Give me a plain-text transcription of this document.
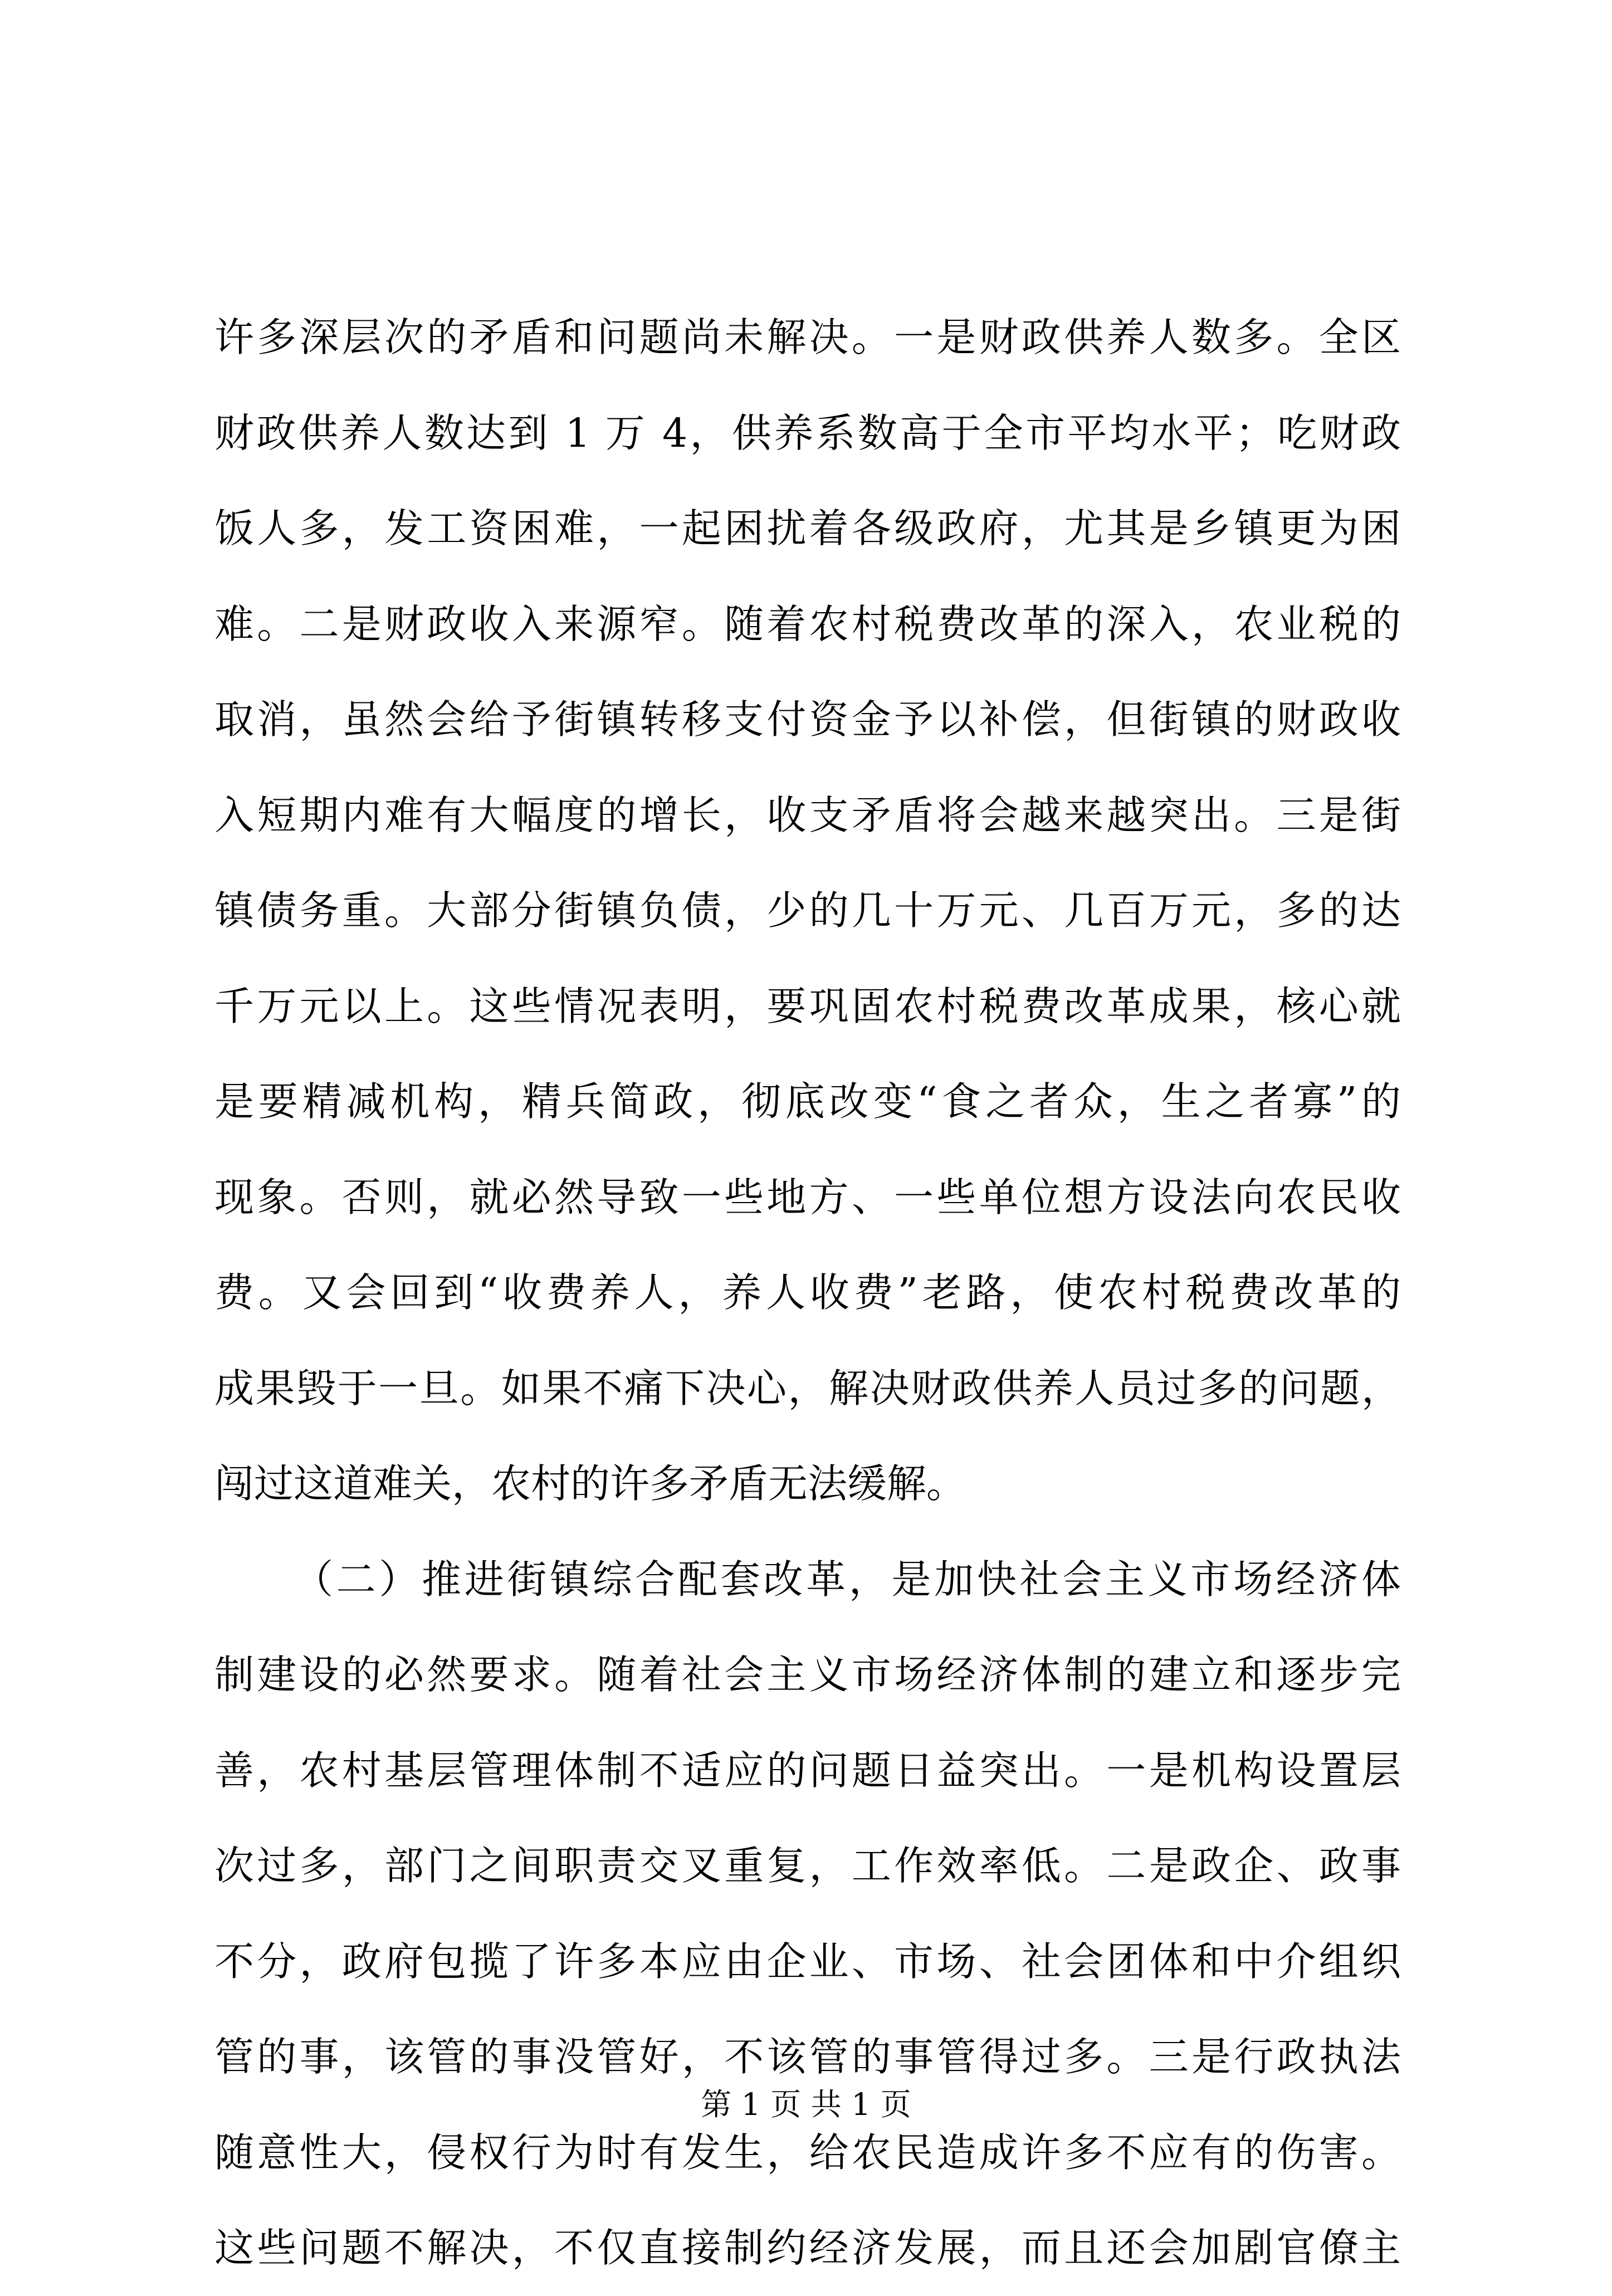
许多深层次的矛盾和问题尚未解决。一是财政供养人数多。全区
财政供养人数达到 1 万 4，供养系数高于全市平均水平；吃财政
饭人多，发工资困难，一起困扰着各级政府，尤其是乡镇更为困
难。二是财政收入来源窄。随着农村税费改革的深入，农业税的
取消，虽然会给予街镇转移支付资金予以补偿，但街镇的财政收
入短期内难有大幅度的增长，收支矛盾将会越来越突出。三是街
镇债务重。大部分街镇负债，少的几十万元、几百万元，多的达
千万元以上。这些情况表明，要巩固农村税费改革成果，核心就
是要精减机构，精兵简政，彻底改变“食之者众，生之者寡”的
现象。否则，就必然导致一些地方、一些单位想方设法向农民收
费。又会回到“收费养人，养人收费”老路，使农村税费改革的
成果毁于一旦。如果不痛下决心，解决财政供养人员过多的问题，
闯过这道难关，农村的许多矛盾无法缓解。
（二）推进街镇综合配套改革，是加快社会主义市场经济体
制建设的必然要求。随着社会主义市场经济体制的建立和逐步完
善，农村基层管理体制不适应的问题日益突出。一是机构设置层
次过多，部门之间职责交叉重复，工作效率低。二是政企、政事
不分，政府包揽了许多本应由企业、市场、社会团体和中介组织
管的事，该管的事没管好，不该管的事管得过多。三是行政执法
随意性大，侵权行为时有发生，给农民造成许多不应有的伤害。
这些问题不解决，不仅直接制约经济发展，而且还会加剧官僚主
第 1 页 共 1 页
